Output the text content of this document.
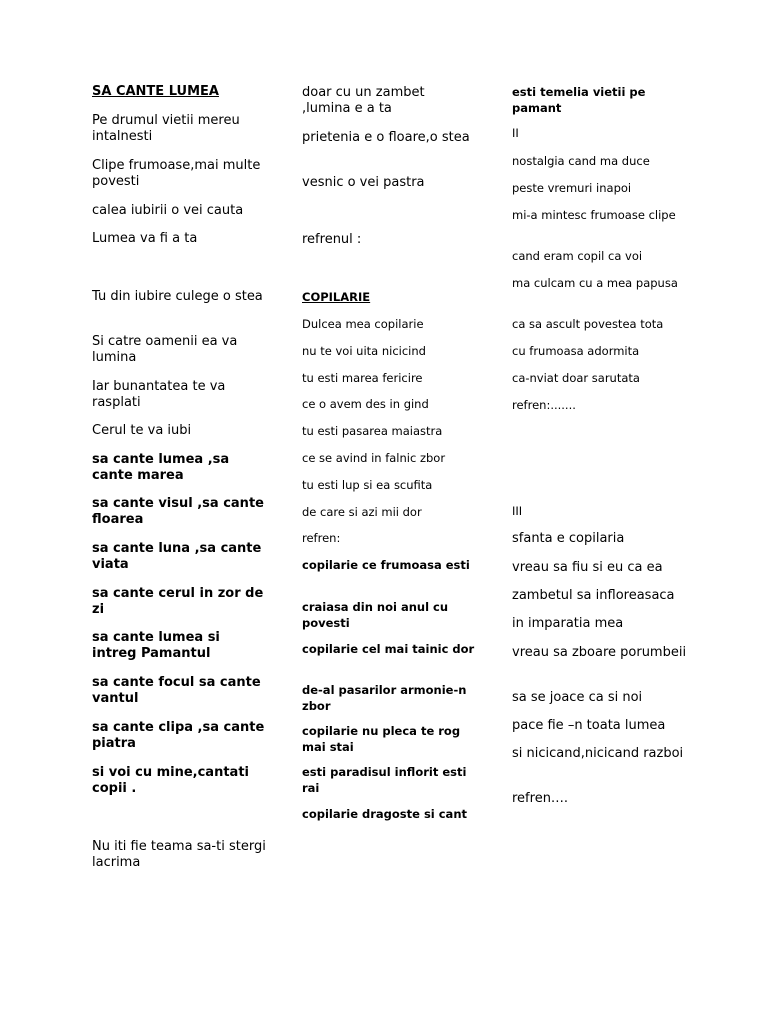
SA CANTE LUMEA

Pe drumul vietii mereu intalnesti

Clipe frumoase,mai multe povesti

calea iubirii o vei cauta

Lumea va fi a ta

Tu din iubire culege o stea

Si catre oamenii ea va lumina

Iar bunantatea te va rasplati

Cerul te va iubi

sa cante lumea ,sa cante marea

sa cante visul ,sa cante floarea

sa cante luna ,sa cante viata

sa cante cerul in zor de zi

sa cante lumea si intreg Pamantul

sa cante focul sa cante vantul

sa cante clipa ,sa cante piatra

si voi cu mine,cantati copii .

Nu iti fie teama sa-ti stergi lacrima

doar cu un zambet ,lumina e a ta

prietenia e o floare,o stea

vesnic o vei pastra

refrenul :

COPILARIE

Dulcea mea copilarie

nu te voi uita nicicind

tu esti marea fericire

ce o avem des in gind

tu esti pasarea maiastra

ce se avind in falnic zbor

tu esti lup si ea scufita

de care si azi mii dor

refren:

copilarie ce frumoasa esti

craiasa din noi anul cu povesti

copilarie cel mai tainic dor

de-al pasarilor armonie-n zbor

copilarie nu pleca te rog mai stai

esti paradisul inflorit esti rai

copilarie dragoste si cant

esti temelia vietii pe pamant

II

nostalgia cand ma duce

peste vremuri inapoi

mi-a mintesc frumoase clipe

cand eram copil ca voi

ma culcam cu a mea papusa

ca sa ascult povestea tota

cu frumoasa adormita

ca-nviat doar sarutata

refren:.......

III

sfanta e copilaria

vreau sa fiu si eu ca ea

zambetul sa infloreasaca

in imparatia mea

vreau sa zboare porumbeii

sa se joace ca si noi

pace fie –n toata lumea

si nicicand,nicicand razboi

refren….
